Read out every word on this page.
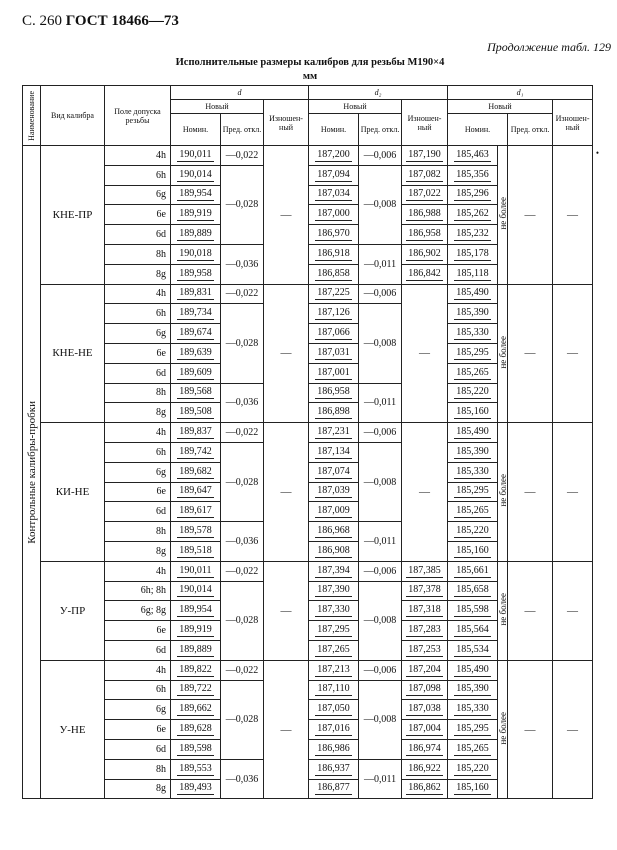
С. 260 ГОСТ 18466—73
Продолжение табл. 129
Исполнительные размеры калибров для резьбы М190×4
мм
Наименование	Вид калибра	Поле допуска резьбы	d			d₂			d₁			
			Новый		Изношен-ный	Новый		Изношен-ный	Новый			Изношен-ный
			Номин.	Пред. откл.		Номин.	Пред. откл.		Номин.		Пред. откл.	

Контрольные калибры-пробки	КНЕ-ПР	4h	190,011	—0,022	—	187,200	—0,006	187,190	185,463	не более	—	—
		6h	190,014	—0,028		187,094	—0,008	187,082	185,356			
		6g	189,954			187,034		187,022	185,296			
		6e	189,919			187,000		186,988	185,262			
		6d	189,889			186,970		186,958	185,232			
		8h	190,018	—0,036		186,918	—0,011	186,902	185,178			
		8g	189,958			186,858		186,842	185,118			
	КНЕ-НЕ	4h	189,831	—0,022	—	187,225	—0,006	—	185,490	не более	—	—
		6h	189,734	—0,028		187,126	—0,008		185,390			
		6g	189,674			187,066			185,330			
		6e	189,639			187,031			185,295			
		6d	189,609			187,001			185,265			
		8h	189,568	—0,036		186,958	—0,011		185,220			
		8g	189,508			186,898			185,160			
	КИ-НЕ	4h	189,837	—0,022	—	187,231	—0,006	—	185,490	не более	—	—
		6h	189,742	—0,028		187,134	—0,008		185,390			
		6g	189,682			187,074			185,330			
		6e	189,647			187,039			185,295			
		6d	189,617			187,009			185,265			
		8h	189,578	—0,036		186,968	—0,011		185,220			
		8g	189,518			186,908			185,160			
	У-ПР	4h	190,011	—0,022	—	187,394	—0,006	187,385	185,661	не более	—	—
		6h; 8h	190,014	—0,028		187,390	—0,008	187,378	185,658			
		6g; 8g	189,954			187,330		187,318	185,598			
		6e	189,919			187,295		187,283	185,564			
		6d	189,889			187,265		187,253	185,534			
	У-НЕ	4h	189,822	—0,022	—	187,213	—0,006	187,204	185,490	не более	—	—
		6h	189,722	—0,028		187,110	—0,008	187,098	185,390			
		6g	189,662			187,050		187,038	185,330			
		6e	189,628			187,016		187,004	185,295			
		6d	189,598			186,986		186,974	185,265			
		8h	189,553	—0,036		186,937	—0,011	186,922	185,220			
		8g	189,493			186,877		186,862	185,160			
•
